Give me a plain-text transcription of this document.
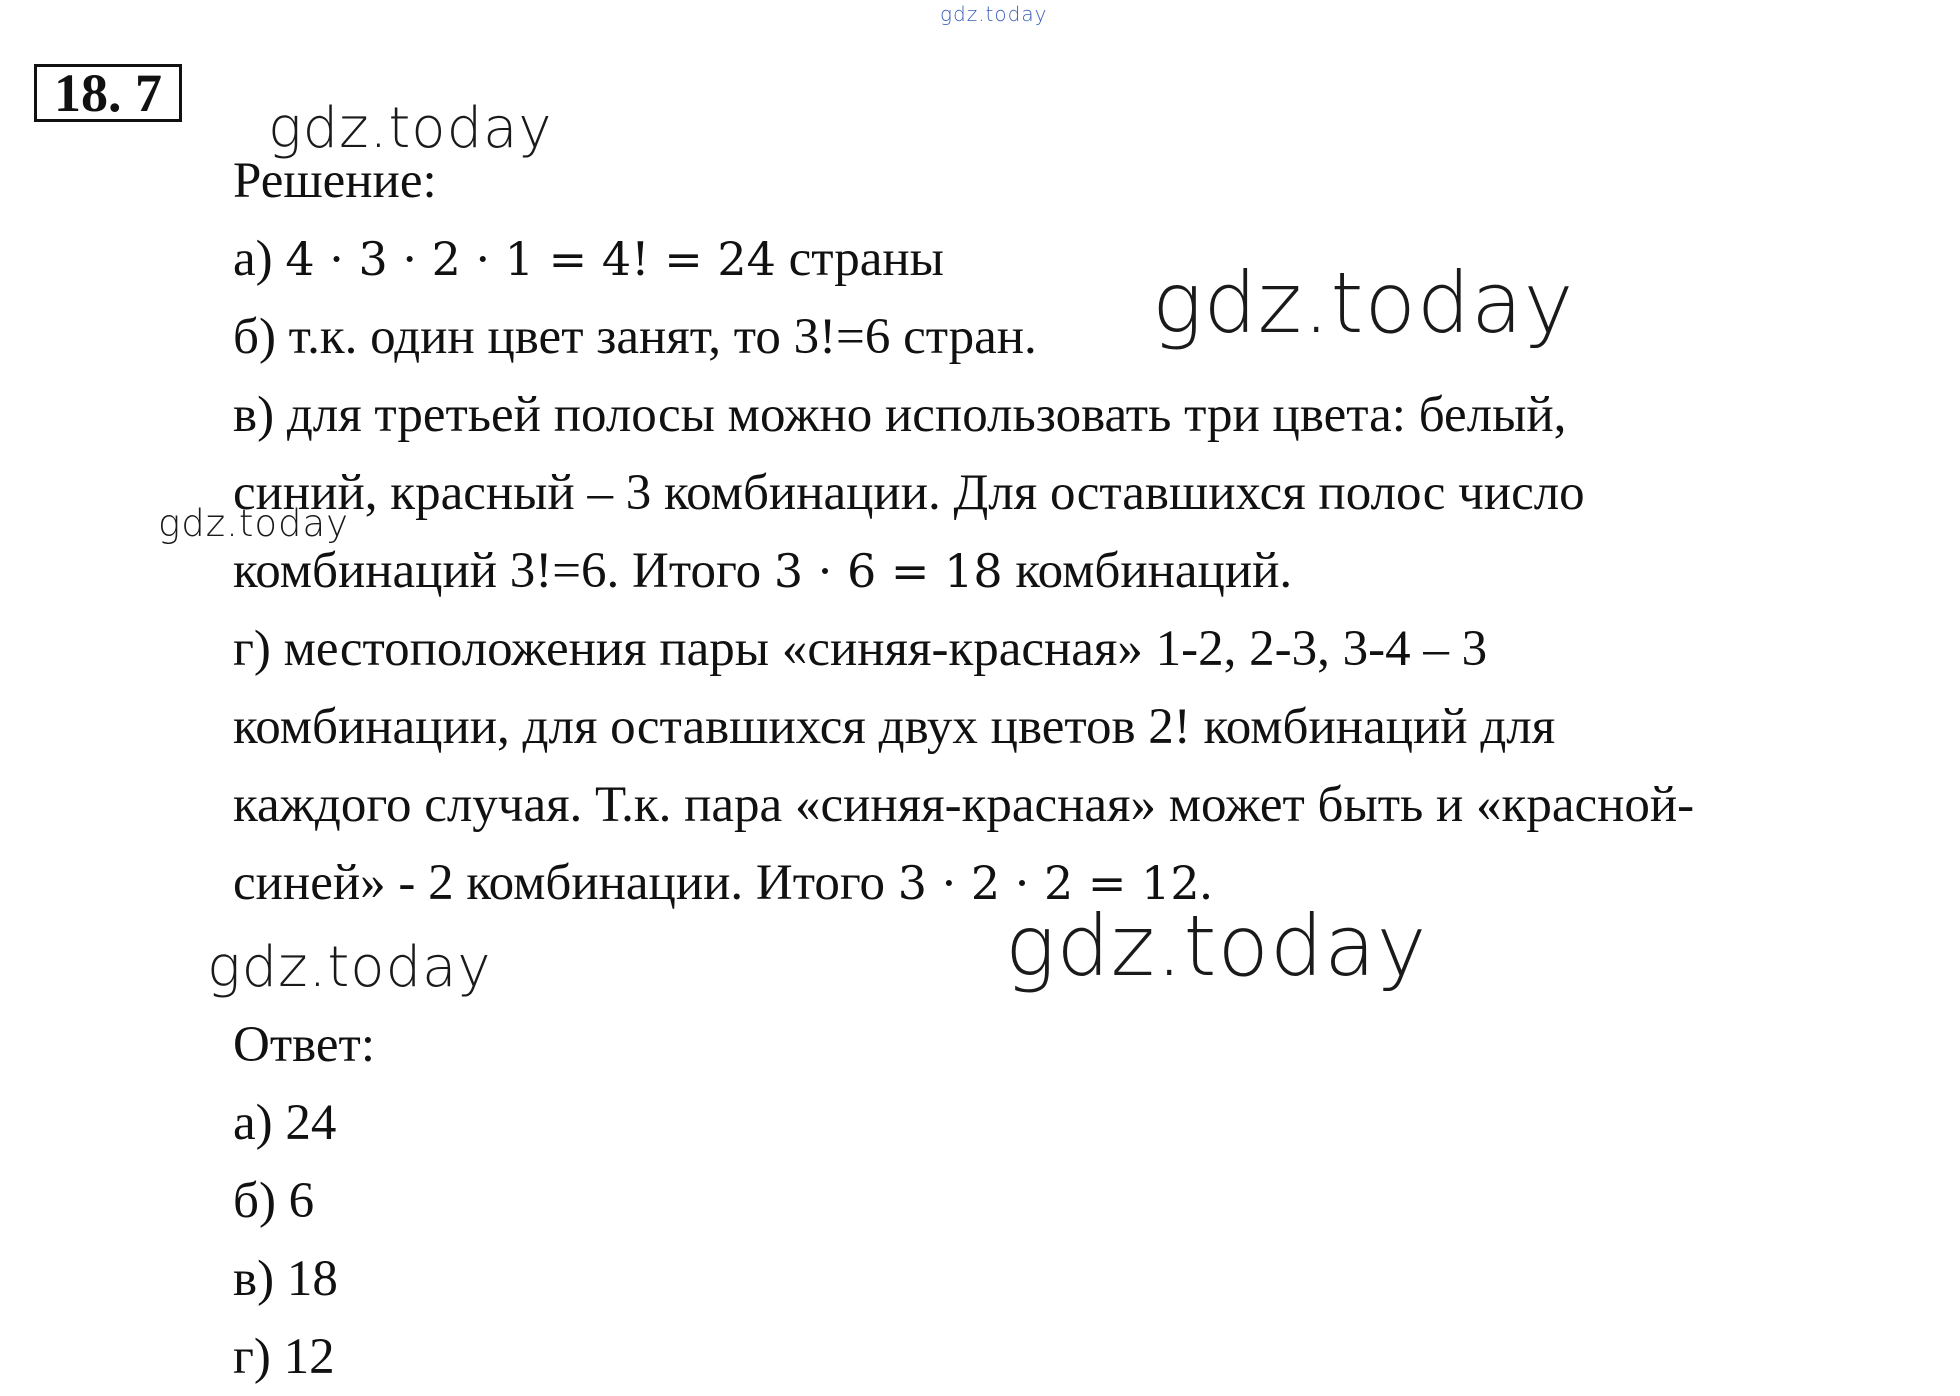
gdz.today
18. 7

Решение:

а) 4 · 3 · 2 · 1 = 4! = 24 страны

б) т.к. один цвет занят, то 3!=6 стран.

в) для третьей полосы можно использовать три цвета: белый,

синий, красный – 3 комбинации. Для оставшихся полос число

комбинаций 3!=6. Итого 3 · 6 = 18 комбинаций.

г) местоположения пары «синяя-красная» 1-2, 2-3, 3-4 – 3

комбинации, для оставшихся двух цветов 2! комбинаций для

каждого случая. Т.к. пара «синяя-красная» может быть и «красной-

синей» - 2 комбинации. Итого 3 · 2 · 2 = 12.

Ответ:

а) 24

б) 6

в) 18

г) 12

gdz.today
gdz.today
gdz.today
gdz.today	gdz.today
